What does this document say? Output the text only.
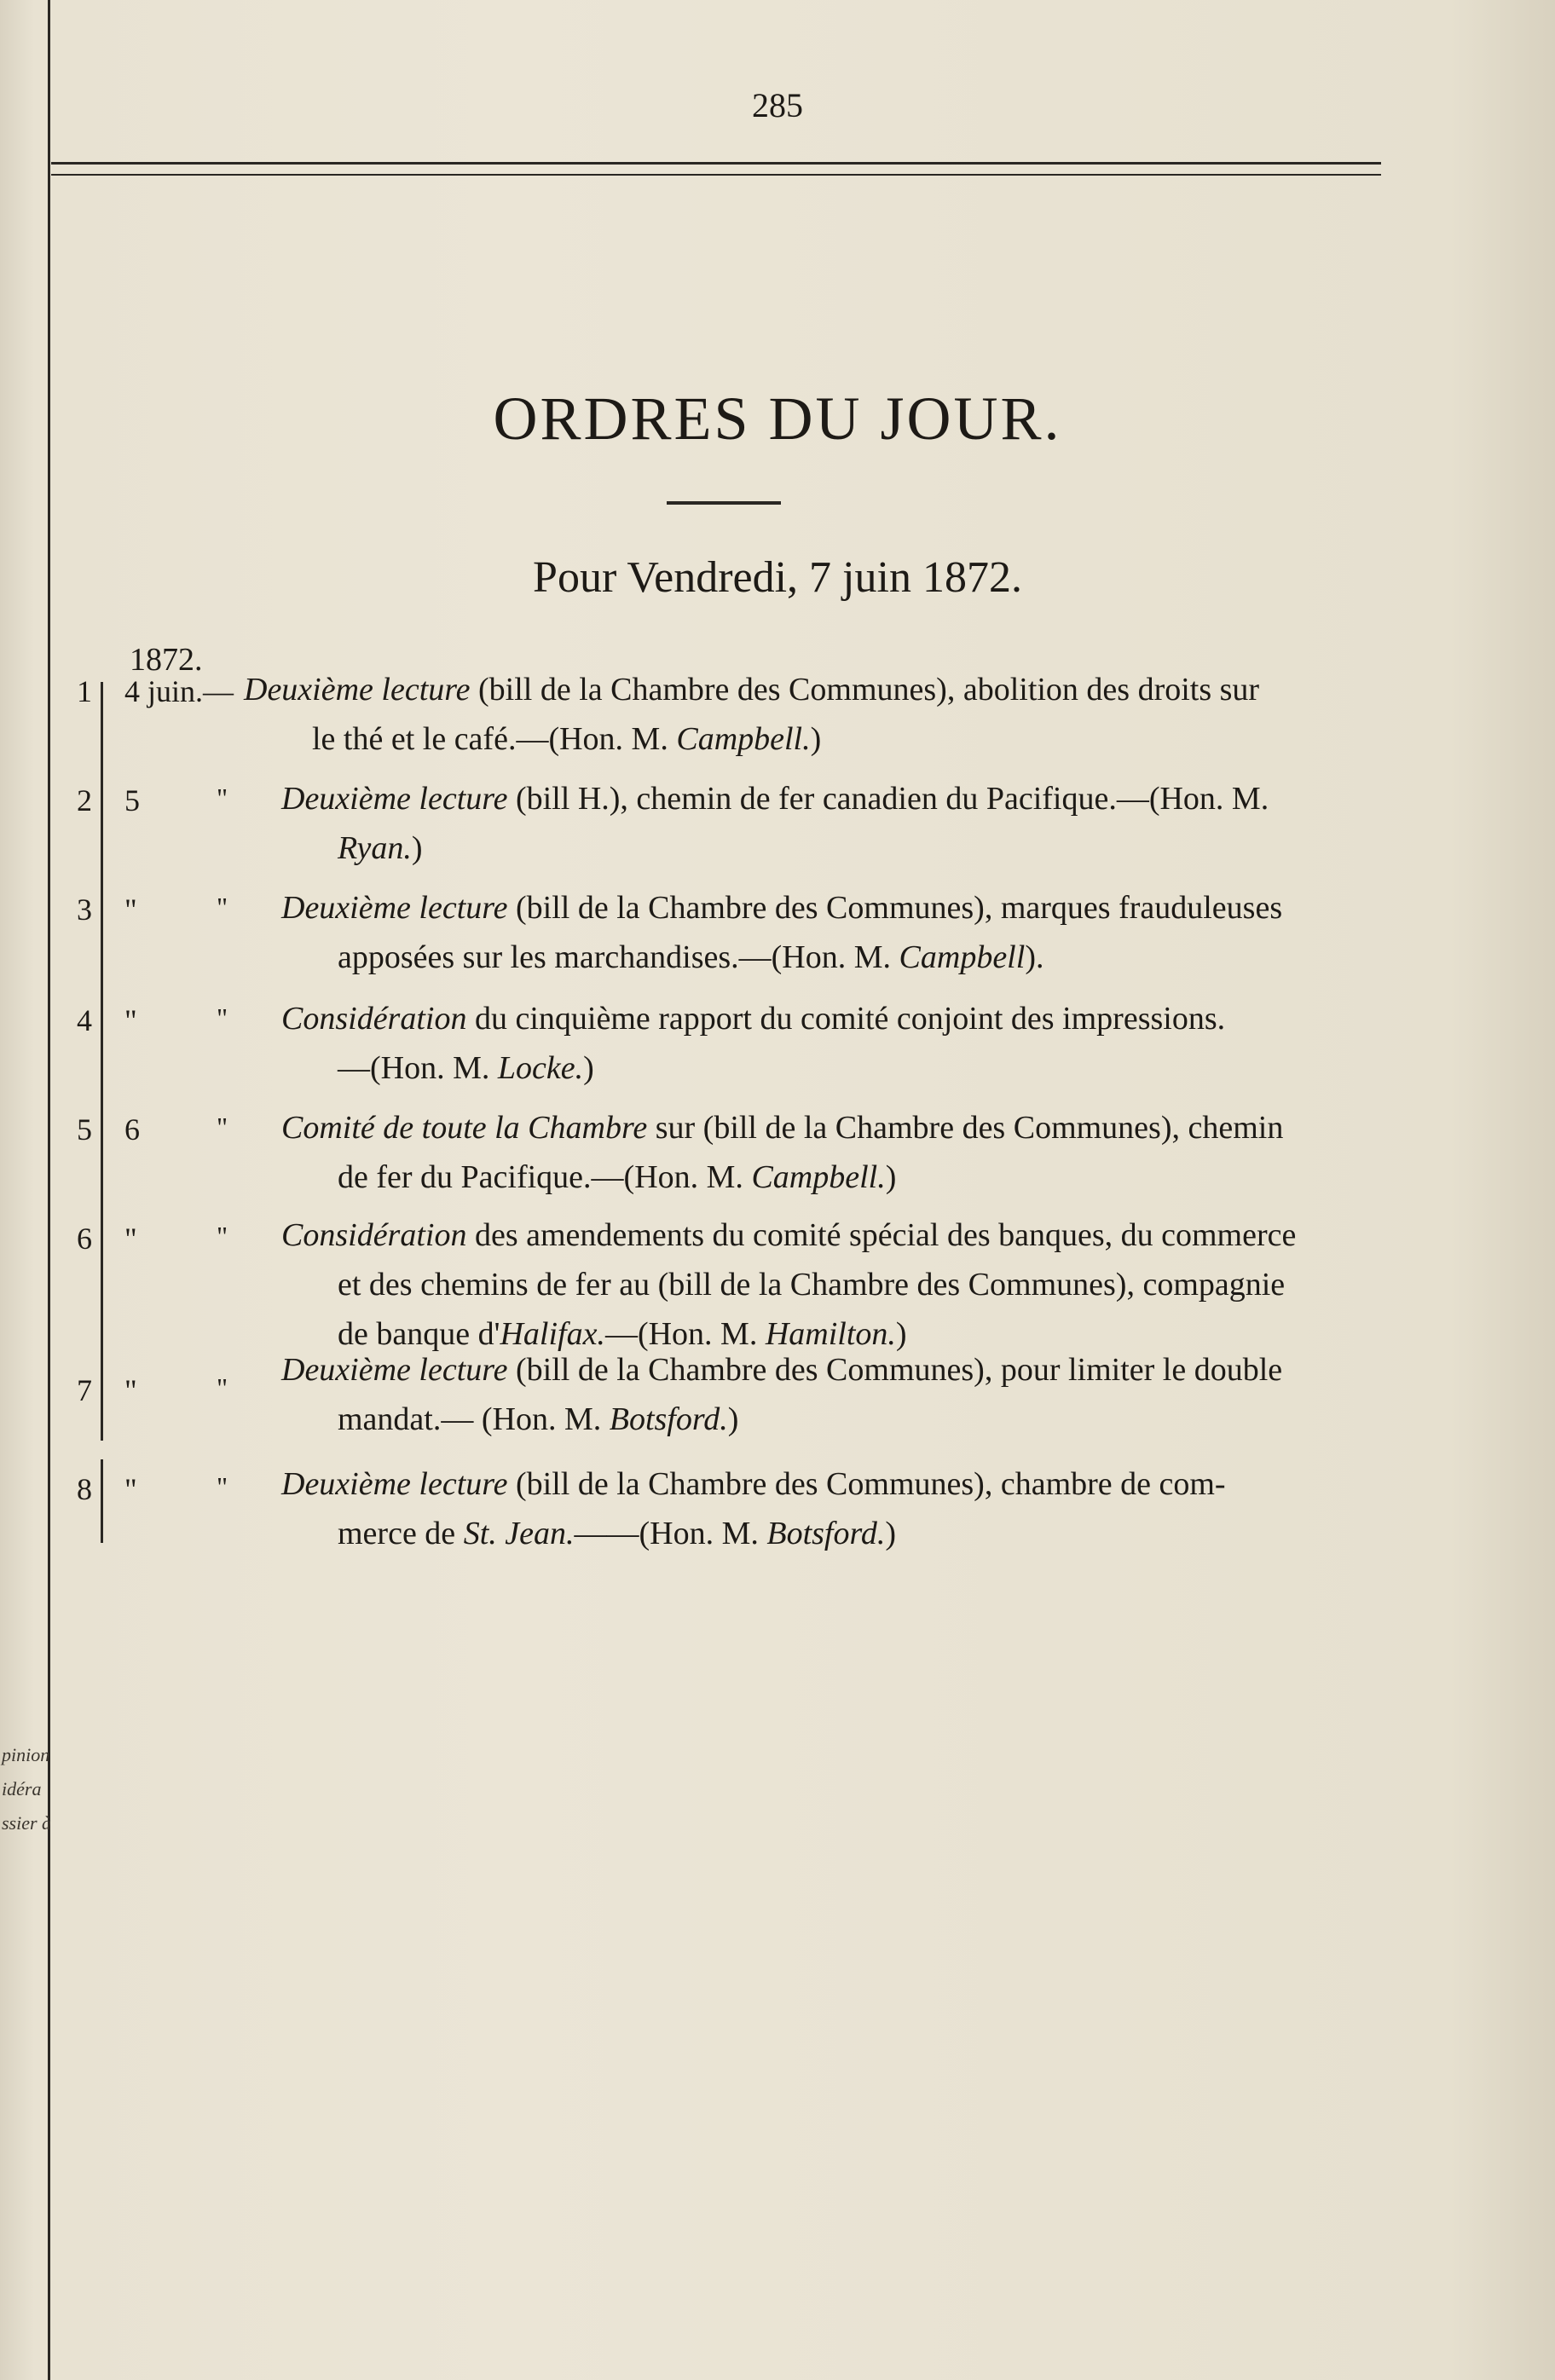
pinion
idéra
ssier à
285
ORDRES DU JOUR.
Pour Vendredi, 7 juin 1872.
1872.
1	4 juin.— Deuxième lecture (bill de la Chambre des Communes), abolition des droits sur
le thé et le café.—(Hon. M. Campbell.)
2	5	" Deuxième lecture (bill H.), chemin de fer canadien du Pacifique.—(Hon. M.
Ryan.)
3	"	" Deuxième lecture (bill de la Chambre des Communes), marques frauduleuses
apposées sur les marchandises.—(Hon. M. Campbell).
4	"	" Considération du cinquième rapport du comité conjoint des impressions.
—(Hon. M. Locke.)
5	6	" Comité de toute la Chambre sur (bill de la Chambre des Communes), chemin
de fer du Pacifique.—(Hon. M. Campbell.)
6	"	" Considération des amendements du comité spécial des banques, du commerce
et des chemins de fer au (bill de la Chambre des Communes), compagnie
de banque d'Halifax.—(Hon. M. Hamilton.)
7	"	" Deuxième lecture (bill de la Chambre des Communes), pour limiter le double
mandat.— (Hon. M. Botsford.)
8	"	" Deuxième lecture (bill de la Chambre des Communes), chambre de com-
merce de St. Jean.——(Hon. M. Botsford.)
